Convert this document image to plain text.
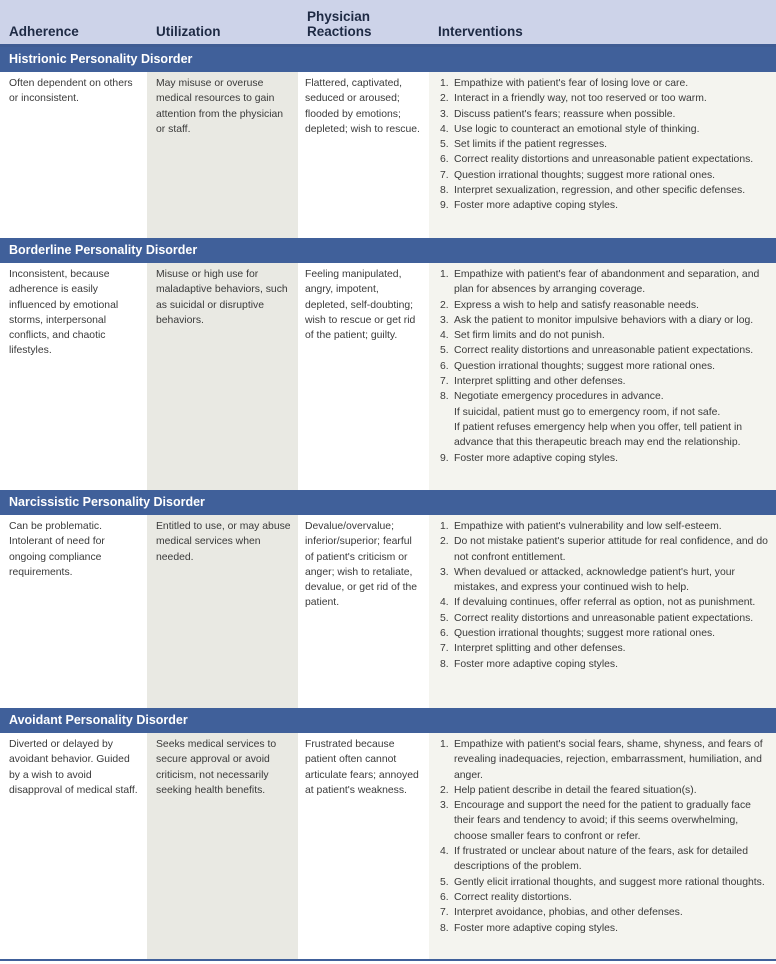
Adherence	Utilization
Physician Reactions	Interventions
Histrionic Personality Disorder
Often dependent on others or inconsistent.
May misuse or overuse medical resources to gain attention from the physician or staff.
Flattered, captivated, seduced or aroused; flooded by emotions; depleted; wish to rescue.
1. Empathize with patient's fear of losing love or care.
2. Interact in a friendly way, not too reserved or too warm.
3. Discuss patient's fears; reassure when possible.
4. Use logic to counteract an emotional style of thinking.
5. Set limits if the patient regresses.
6. Correct reality distortions and unreasonable patient expectations.
7. Question irrational thoughts; suggest more rational ones.
8. Interpret sexualization, regression, and other specific defenses.
9. Foster more adaptive coping styles.
Borderline Personality Disorder
Inconsistent, because adherence is easily influenced by emotional storms, interpersonal conflicts, and chaotic lifestyles.
Misuse or high use for maladaptive behaviors, such as suicidal or disruptive behaviors.
Feeling manipulated, angry, impotent, depleted, self-doubting; wish to rescue or get rid of the patient; guilty.
1. Empathize with patient's fear of abandonment and separation, and plan for absences by arranging coverage.
2. Express a wish to help and satisfy reasonable needs.
3. Ask the patient to monitor impulsive behaviors with a diary or log.
4. Set firm limits and do not punish.
5. Correct reality distortions and unreasonable patient expectations.
6. Question irrational thoughts; suggest more rational ones.
7. Interpret splitting and other defenses.
8. Negotiate emergency procedures in advance.
If suicidal, patient must go to emergency room, if not safe.
If patient refuses emergency help when you offer, tell patient in advance that this therapeutic breach may end the relationship.
9. Foster more adaptive coping styles.
Narcissistic Personality Disorder
Can be problematic. Intolerant of need for ongoing compliance requirements.
Entitled to use, or may abuse medical services when needed.
Devalue/overvalue; inferior/superior; fearful of patient's criticism or anger; wish to retaliate, devalue, or get rid of the patient.
1. Empathize with patient's vulnerability and low self-esteem.
2. Do not mistake patient's superior attitude for real confidence, and do not confront entitlement.
3. When devalued or attacked, acknowledge patient's hurt, your mistakes, and express your continued wish to help.
4. If devaluing continues, offer referral as option, not as punishment.
5. Correct reality distortions and unreasonable patient expectations.
6. Question irrational thoughts; suggest more rational ones.
7. Interpret splitting and other defenses.
8. Foster more adaptive coping styles.
Avoidant Personality Disorder
Diverted or delayed by avoidant behavior. Guided by a wish to avoid disapproval of medical staff.
Seeks medical services to secure approval or avoid criticism, not necessarily seeking health benefits.
Frustrated because patient often cannot articulate fears; annoyed at patient's weakness.
1. Empathize with patient's social fears, shame, shyness, and fears of revealing inadequacies, rejection, embarrassment, humiliation, and anger.
2. Help patient describe in detail the feared situation(s).
3. Encourage and support the need for the patient to gradually face their fears and tendency to avoid; if this seems overwhelming, choose smaller fears to confront or refer.
4. If frustrated or unclear about nature of the fears, ask for detailed descriptions of the problem.
5. Gently elicit irrational thoughts, and suggest more rational thoughts.
6. Correct reality distortions.
7. Interpret avoidance, phobias, and other defenses.
8. Foster more adaptive coping styles.
